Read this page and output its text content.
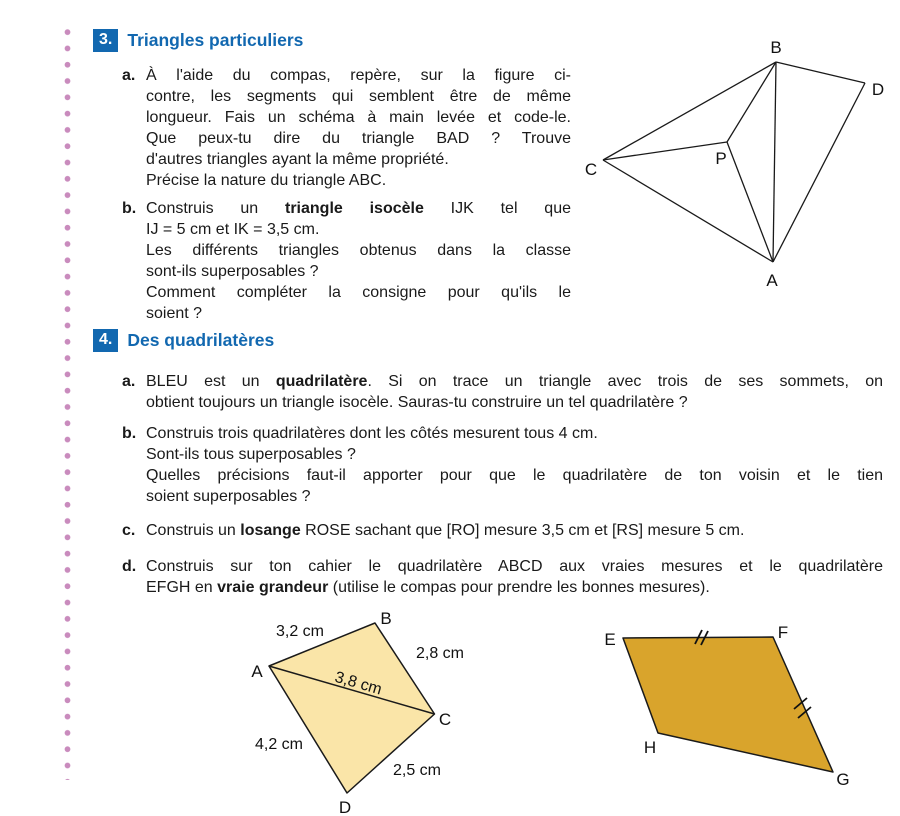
3. Triangles particuliers
a. À l'aide du compas, repère, sur la figure ci-
contre, les segments qui semblent être de même
longueur. Fais un schéma à main levée et code-le.
Que peux-tu dire du triangle BAD ? Trouve
d'autres triangles ayant la même propriété.
Précise la nature du triangle ABC.
b. Construis un triangle isocèle IJK tel que
IJ = 5 cm et IK = 3,5 cm.
Les différents triangles obtenus dans la classe
sont-ils superposables ?
Comment compléter la consigne pour qu'ils le
soient ?
B
D
C
A
P
4. Des quadrilatères
a. BLEU est un quadrilatère. Si on trace un triangle avec trois de ses sommets, on
obtient toujours un triangle isocèle. Sauras-tu construire un tel quadrilatère ?
b. Construis trois quadrilatères dont les côtés mesurent tous 4 cm.
Sont-ils tous superposables ?
Quelles précisions faut-il apporter pour que le quadrilatère de ton voisin et le tien
soient superposables ?
c. Construis un losange ROSE sachant que [RO] mesure 3,5 cm et [RS] mesure 5 cm.
d. Construis sur ton cahier le quadrilatère ABCD aux vraies mesures et le quadrilatère
EFGH en vraie grandeur (utilise le compas pour prendre les bonnes mesures).
A
B
C
D
3,2 cm
2,8 cm
3,8 cm
4,2 cm
2,5 cm
E	F
G
H
